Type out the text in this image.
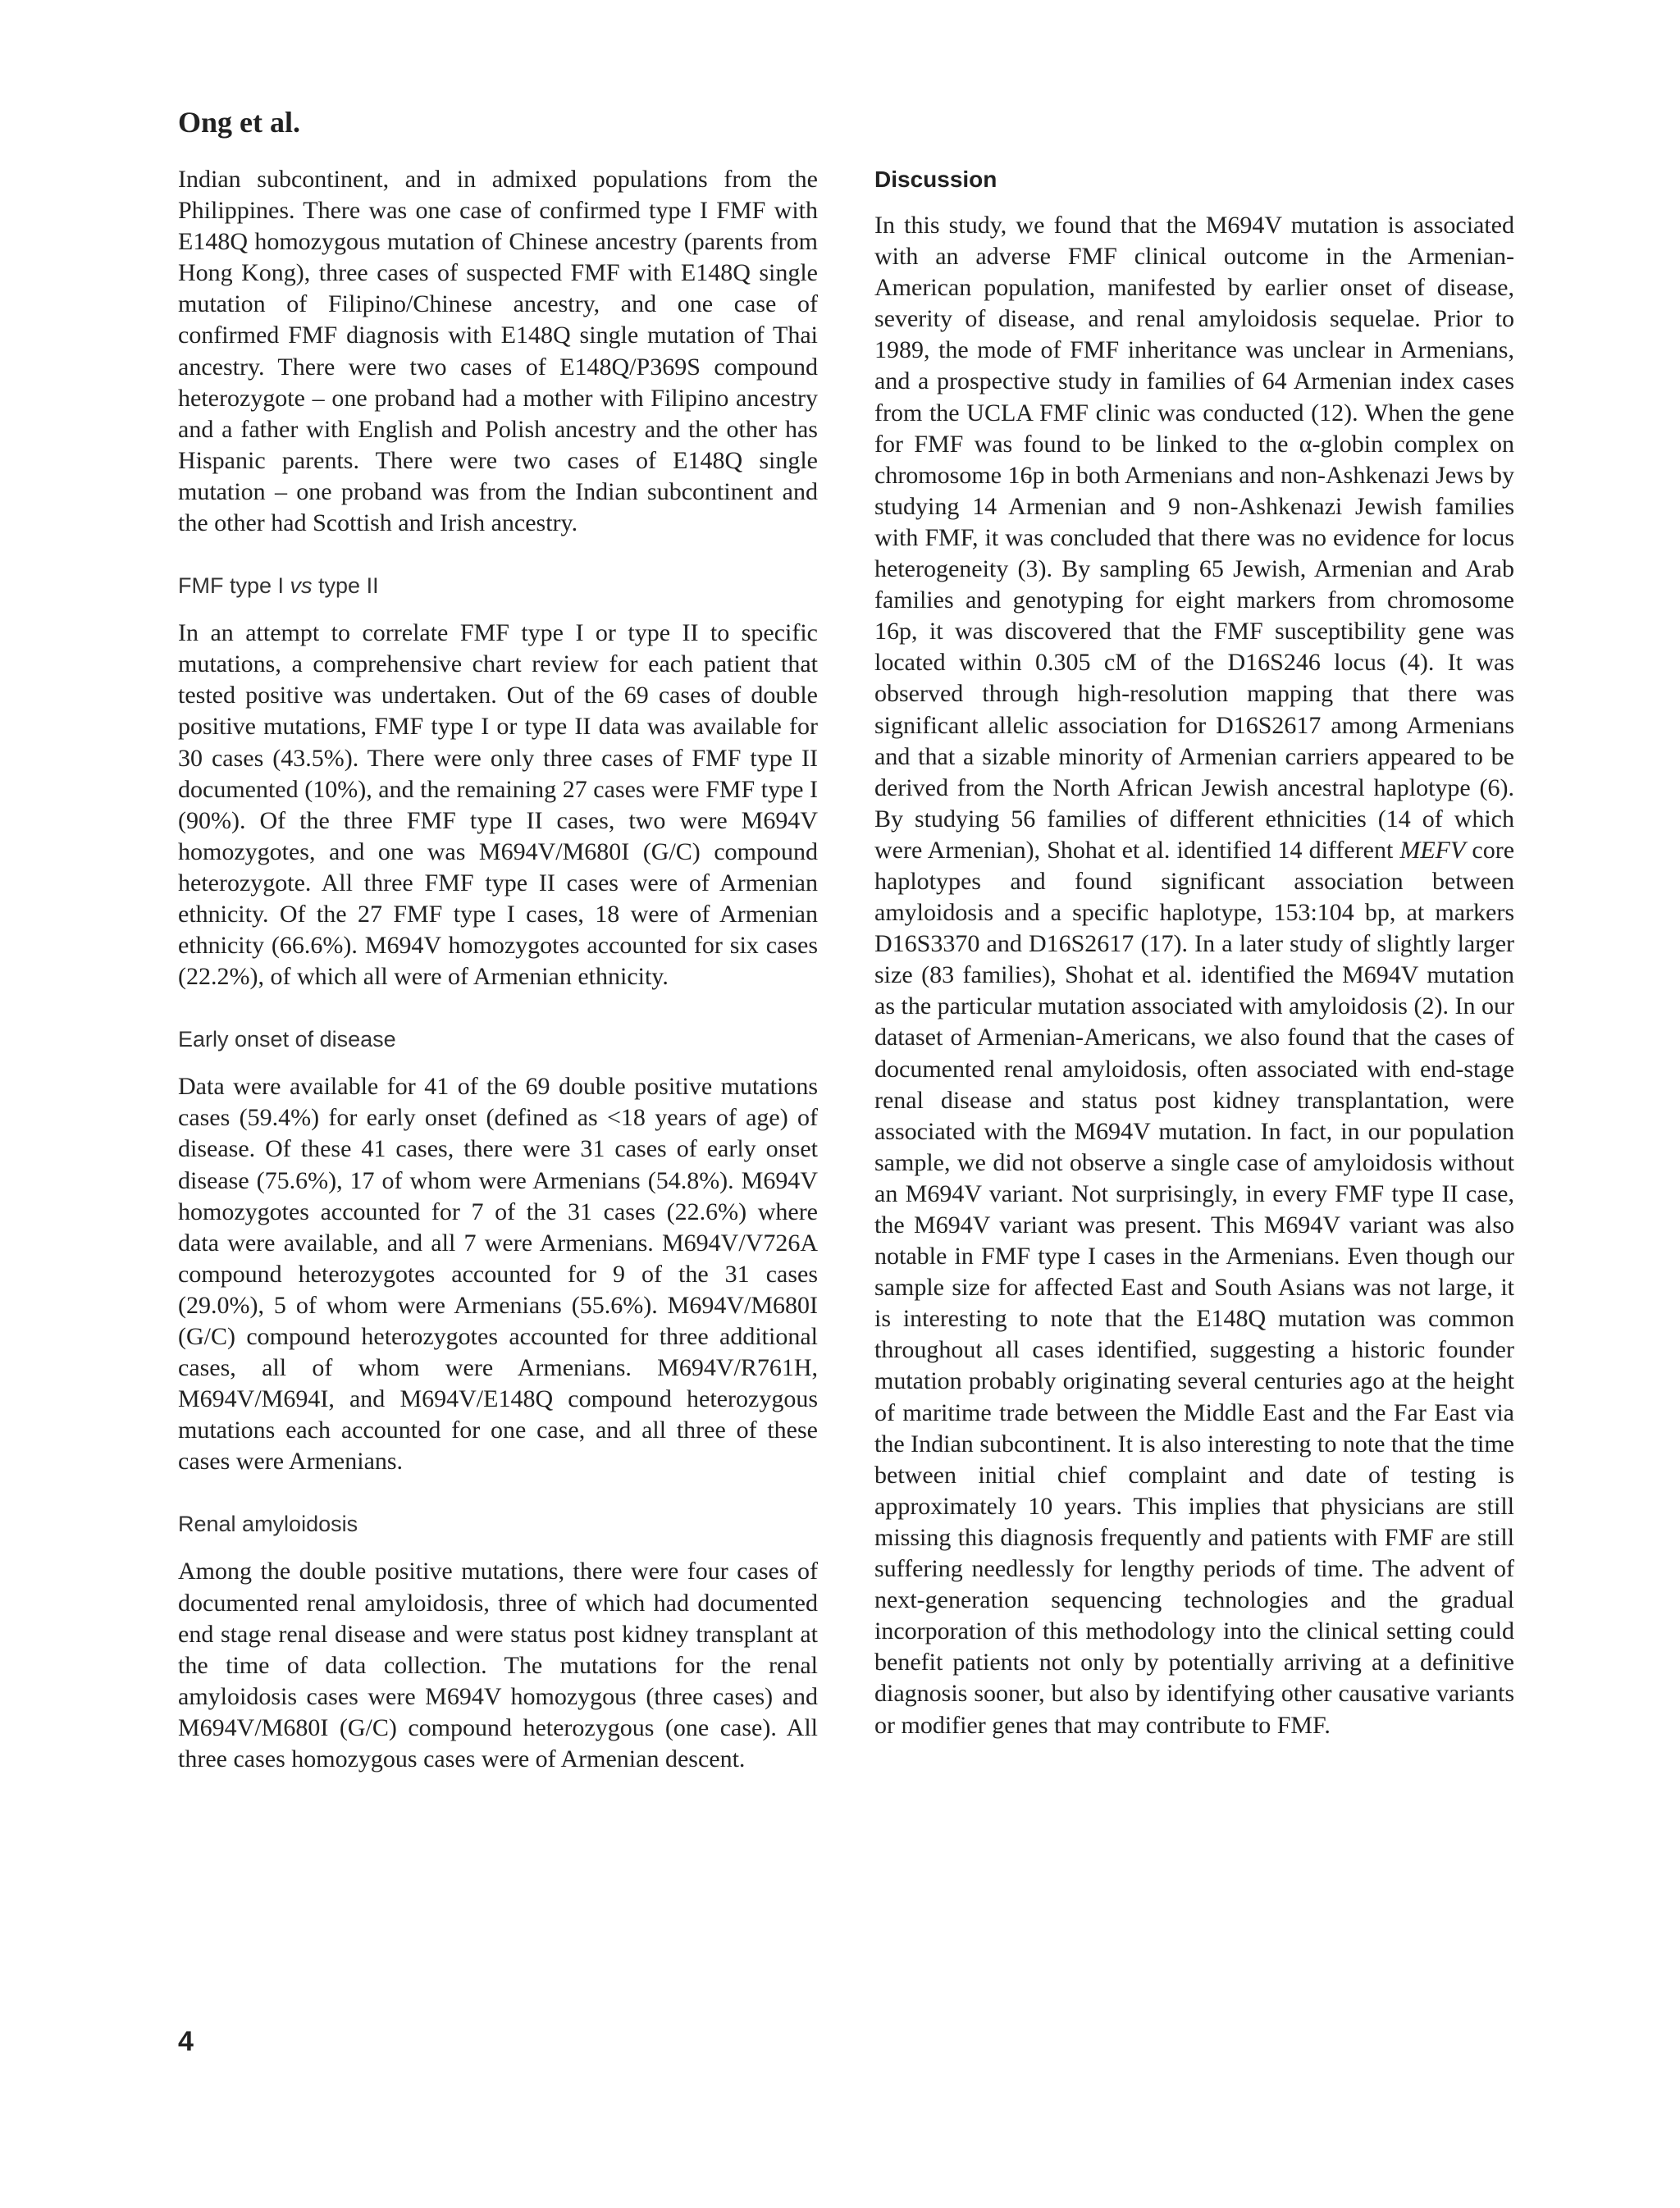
Ong et al.

Indian subcontinent, and in admixed populations from the Philippines. There was one case of confirmed type I FMF with E148Q homozygous mutation of Chinese ancestry (parents from Hong Kong), three cases of suspected FMF with E148Q single mutation of Filipino/Chinese ancestry, and one case of confirmed FMF diagnosis with E148Q single mutation of Thai ancestry. There were two cases of E148Q/P369S compound heterozygote – one proband had a mother with Filipino ancestry and a father with English and Polish ancestry and the other has Hispanic parents. There were two cases of E148Q single mutation – one proband was from the Indian subcontinent and the other had Scottish and Irish ancestry.

FMF type I vs type II

In an attempt to correlate FMF type I or type II to specific mutations, a comprehensive chart review for each patient that tested positive was undertaken. Out of the 69 cases of double positive mutations, FMF type I or type II data was available for 30 cases (43.5%). There were only three cases of FMF type II documented (10%), and the remaining 27 cases were FMF type I (90%). Of the three FMF type II cases, two were M694V homozygotes, and one was M694V/M680I (G/C) compound heterozygote. All three FMF type II cases were of Armenian ethnicity. Of the 27 FMF type I cases, 18 were of Armenian ethnicity (66.6%). M694V homozygotes accounted for six cases (22.2%), of which all were of Armenian ethnicity.

Early onset of disease

Data were available for 41 of the 69 double positive mutations cases (59.4%) for early onset (defined as <18 years of age) of disease. Of these 41 cases, there were 31 cases of early onset disease (75.6%), 17 of whom were Armenians (54.8%). M694V homozygotes accounted for 7 of the 31 cases (22.6%) where data were available, and all 7 were Armenians. M694V/V726A compound heterozygotes accounted for 9 of the 31 cases (29.0%), 5 of whom were Armenians (55.6%). M694V/M680I (G/C) compound heterozygotes accounted for three additional cases, all of whom were Armenians. M694V/R761H, M694V/M694I, and M694V/E148Q compound heterozygous mutations each accounted for one case, and all three of these cases were Armenians.

Renal amyloidosis

Among the double positive mutations, there were four cases of documented renal amyloidosis, three of which had documented end stage renal disease and were status post kidney transplant at the time of data collection. The mutations for the renal amyloidosis cases were M694V homozygous (three cases) and M694V/M680I (G/C) compound heterozygous (one case). All three cases homozygous cases were of Armenian descent.

Discussion

In this study, we found that the M694V mutation is associated with an adverse FMF clinical outcome in the Armenian-American population, manifested by earlier onset of disease, severity of disease, and renal amyloidosis sequelae. Prior to 1989, the mode of FMF inheritance was unclear in Armenians, and a prospective study in families of 64 Armenian index cases from the UCLA FMF clinic was conducted (12). When the gene for FMF was found to be linked to the α-globin complex on chromosome 16p in both Armenians and non-Ashkenazi Jews by studying 14 Armenian and 9 non-Ashkenazi Jewish families with FMF, it was concluded that there was no evidence for locus heterogeneity (3). By sampling 65 Jewish, Armenian and Arab families and genotyping for eight markers from chromosome 16p, it was discovered that the FMF susceptibility gene was located within 0.305 cM of the D16S246 locus (4). It was observed through high-resolution mapping that there was significant allelic association for D16S2617 among Armenians and that a sizable minority of Armenian carriers appeared to be derived from the North African Jewish ancestral haplotype (6). By studying 56 families of different ethnicities (14 of which were Armenian), Shohat et al. identified 14 different MEFV core haplotypes and found significant association between amyloidosis and a specific haplotype, 153:104 bp, at markers D16S3370 and D16S2617 (17). In a later study of slightly larger size (83 families), Shohat et al. identified the M694V mutation as the particular mutation associated with amyloidosis (2). In our dataset of Armenian-Americans, we also found that the cases of documented renal amyloidosis, often associated with end-stage renal disease and status post kidney transplantation, were associated with the M694V mutation. In fact, in our population sample, we did not observe a single case of amyloidosis without an M694V variant. Not surprisingly, in every FMF type II case, the M694V variant was present. This M694V variant was also notable in FMF type I cases in the Armenians. Even though our sample size for affected East and South Asians was not large, it is interesting to note that the E148Q mutation was common throughout all cases identified, suggesting a historic founder mutation probably originating several centuries ago at the height of maritime trade between the Middle East and the Far East via the Indian subcontinent. It is also interesting to note that the time between initial chief complaint and date of testing is approximately 10 years. This implies that physicians are still missing this diagnosis frequently and patients with FMF are still suffering needlessly for lengthy periods of time. The advent of next-generation sequencing technologies and the gradual incorporation of this methodology into the clinical setting could benefit patients not only by potentially arriving at a definitive diagnosis sooner, but also by identifying other causative variants or modifier genes that may contribute to FMF.

4
